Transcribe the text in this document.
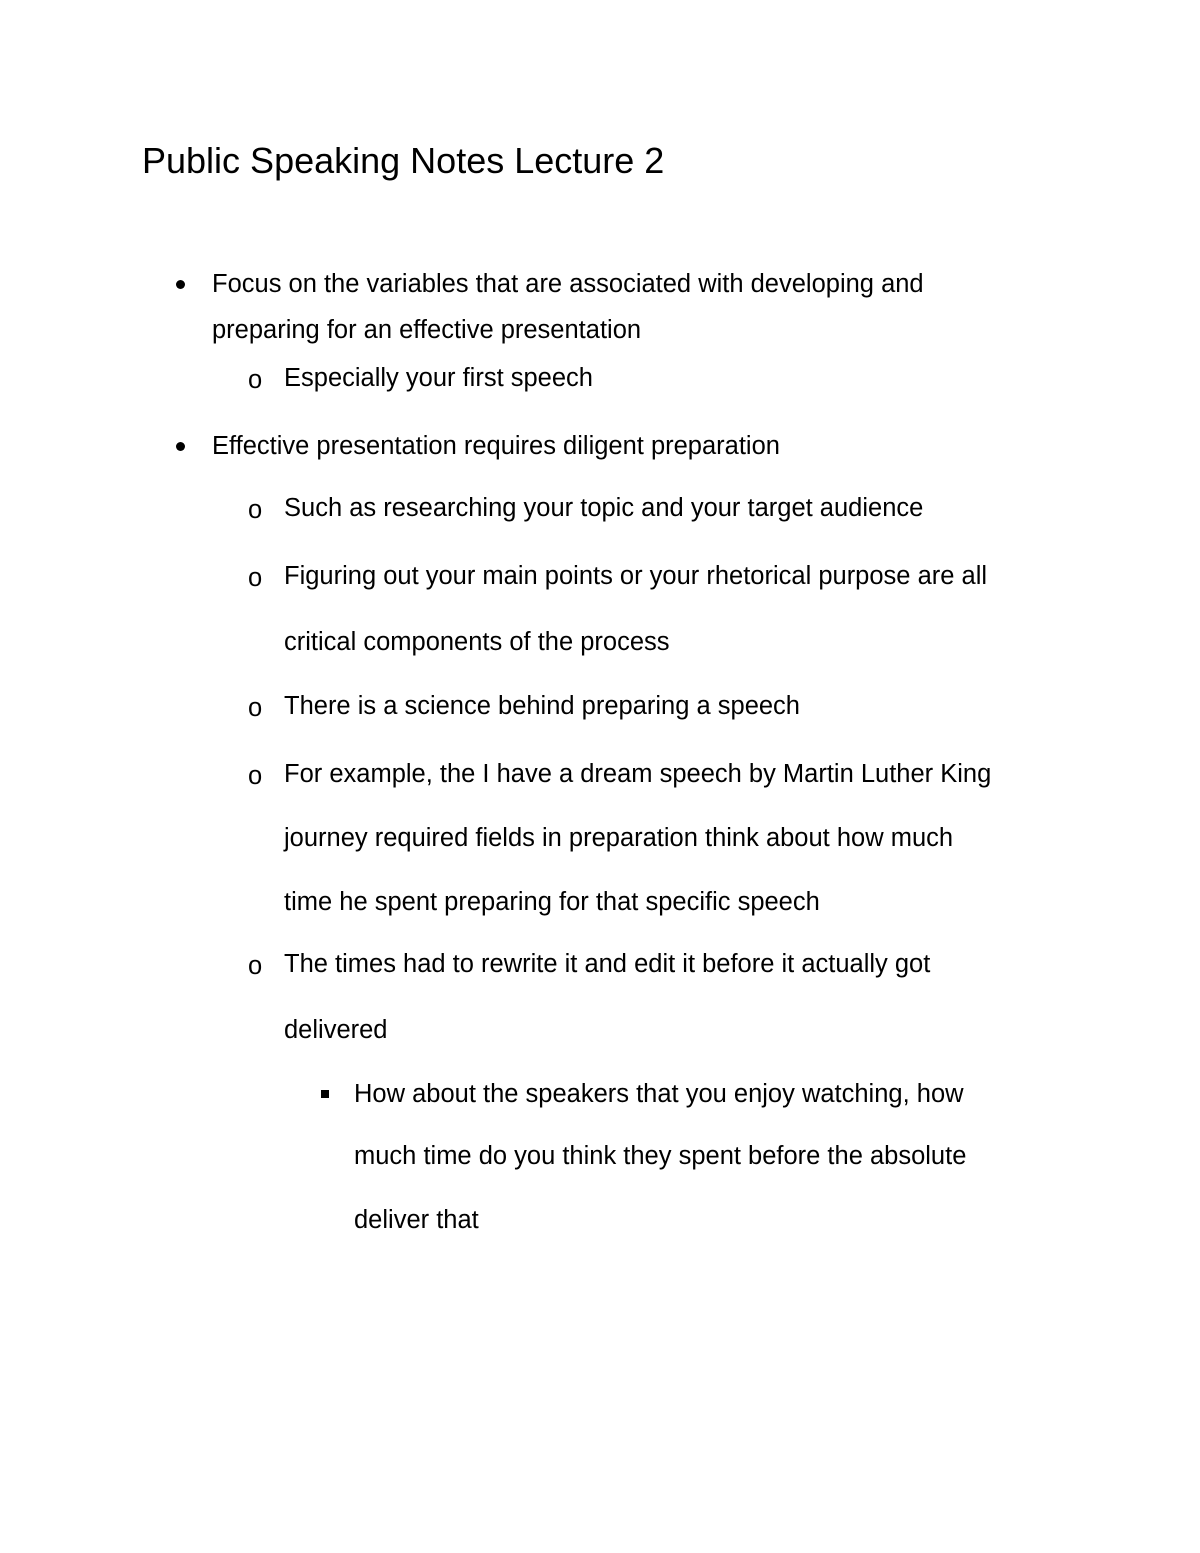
Public Speaking Notes Lecture 2
Focus on the variables that are associated with developing and
preparing for an effective presentation
o Especially your first speech
Effective presentation requires diligent preparation
o Such as researching your topic and your target audience
o Figuring out your main points or your rhetorical purpose are all
critical components of the process
o There is a science behind preparing a speech
o For example, the I have a dream speech by Martin Luther King
journey required fields in preparation think about how much
time he spent preparing for that specific speech
o The times had to rewrite it and edit it before it actually got
delivered
How about the speakers that you enjoy watching, how
much time do you think they spent before the absolute
deliver that
